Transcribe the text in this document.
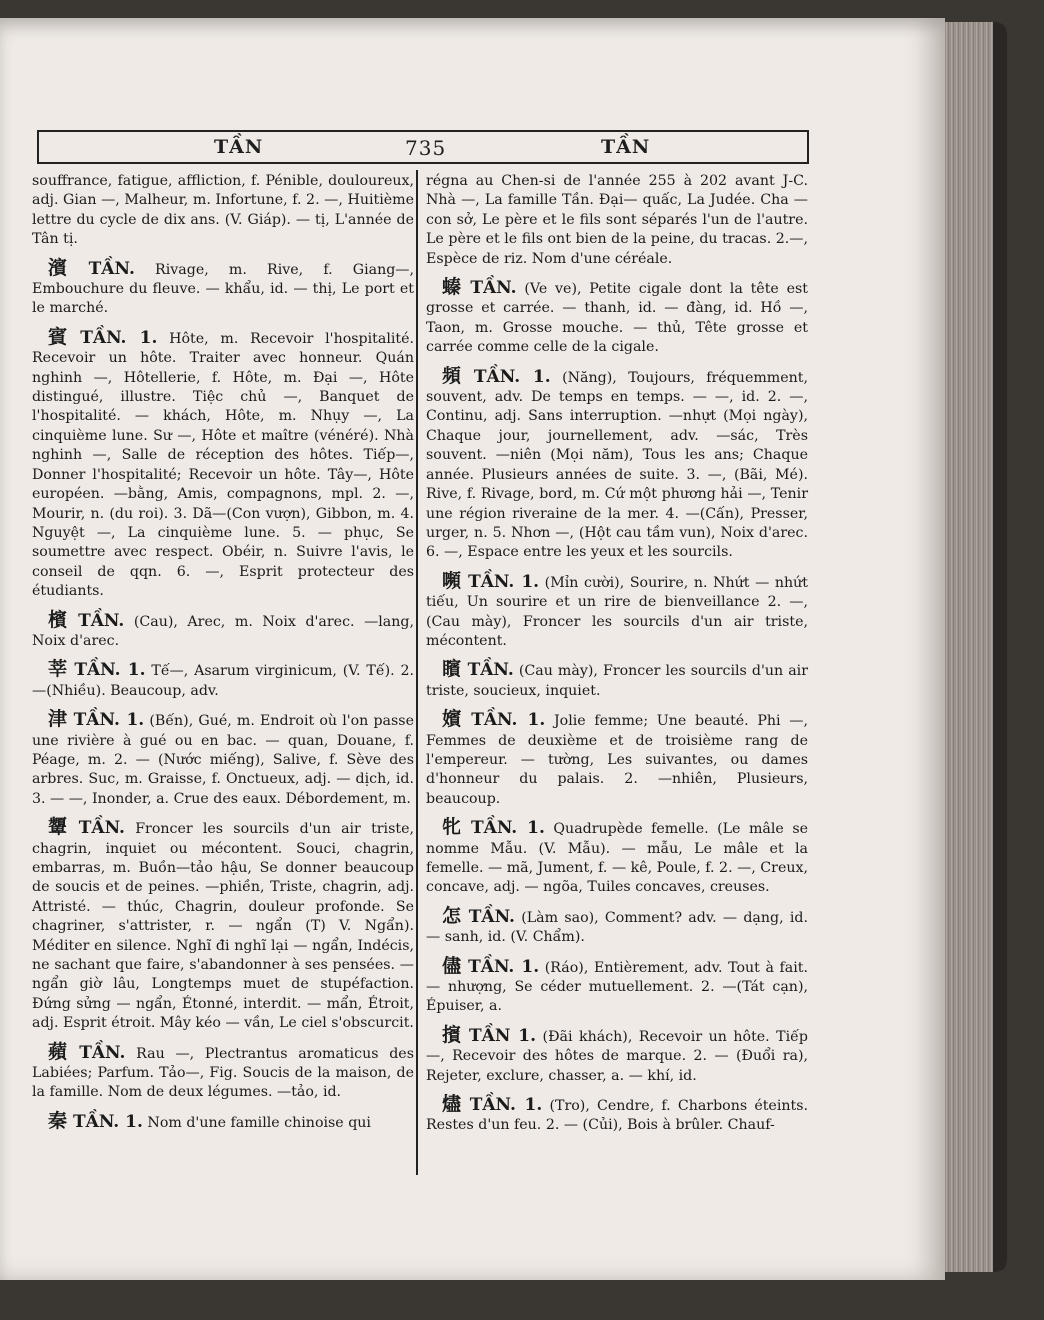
TẦN	735	TẦN

souffrance, fatigue, affliction, f. Pénible, douloureux, adj. Gian —, Malheur, m. Infortune, f. 2. —, Huitième lettre du cycle de dix ans. (V. Giáp). — tị, L'année de Tân tị.

濱 TẦN. Rivage, m. Rive, f. Giang—, Embouchure du fleuve. — khẩu, id. — thị, Le port et le marché.

賓 TẦN. 1. Hôte, m. Recevoir l'hospitalité. Recevoir un hôte. Traiter avec honneur. Quán nghinh —, Hôtellerie, f. Hôte, m. Đại —, Hôte distingué, illustre. Tiệc chủ —, Banquet de l'hospitalité. — khách, Hôte, m. Nhụy —, La cinquième lune. Sư —, Hôte et maître (vénéré). Nhà nghinh —, Salle de réception des hôtes. Tiếp—, Donner l'hospitalité; Recevoir un hôte. Tây—, Hôte européen. —bằng, Amis, compagnons, mpl. 2. —, Mourir, n. (du roi). 3. Dã—(Con vượn), Gibbon, m. 4. Nguyệt —, La cinquième lune. 5. — phục, Se soumettre avec respect. Obéir, n. Suivre l'avis, le conseil de qqn. 6. —, Esprit protecteur des étudiants.

檳 TẦN. (Cau), Arec, m. Noix d'arec. —lang, Noix d'arec.

莘 TẦN. 1. Tế—, Asarum virginicum, (V. Tế). 2. —(Nhiều). Beaucoup, adv.

津 TẦN. 1. (Bến), Gué, m. Endroit où l'on passe une rivière à gué ou en bac. — quan, Douane, f. Péage, m. 2. — (Nước miếng), Salive, f. Sève des arbres. Suc, m. Graisse, f. Onctueux, adj. — dịch, id. 3. — —, Inonder, a. Crue des eaux. Débordement, m.

顰 TẦN. Froncer les sourcils d'un air triste, chagrin, inquiet ou mécontent. Souci, chagrin, embarras, m. Buồn—tảo hậu, Se donner beaucoup de soucis et de peines. —phiền, Triste, chagrin, adj. Attristé. — thúc, Chagrin, douleur profonde. Se chagriner, s'attrister, r. — ngẩn (T) V. Ngẩn). Méditer en silence. Nghĩ đi nghĩ lại — ngẩn, Indécis, ne sachant que faire, s'abandonner à ses pensées. — ngẩn giờ lâu, Longtemps muet de stupéfaction. Đứng sửng — ngẩn, Étonné, interdit. — mẩn, Étroit, adj. Esprit étroit. Mây kéo — vần, Le ciel s'obscurcit.

蘋 TẦN. Rau —, Plectrantus aromaticus des Labiées; Parfum. Tảo—, Fig. Soucis de la maison, de la famille. Nom de deux légumes. —tảo, id.

秦 TẦN. 1. Nom d'une famille chinoise qui

régna au Chen-si de l'année 255 à 202 avant J-C. Nhà —, La famille Tần. Đại— quấc, La Judée. Cha —con sở, Le père et le fils sont séparés l'un de l'autre. Le père et le fils ont bien de la peine, du tracas. 2.—, Espèce de riz. Nom d'une céréale.

螓 TẦN. (Ve ve), Petite cigale dont la tête est grosse et carrée. — thanh, id. — đàng, id. Hồ —, Taon, m. Grosse mouche. — thủ, Tête grosse et carrée comme celle de la cigale.

頻 TẦN. 1. (Năng), Toujours, fréquemment, souvent, adv. De temps en temps. — —, id. 2. —, Continu, adj. Sans interruption. —nhựt (Mọi ngày), Chaque jour, journellement, adv. —sác, Très souvent. —niên (Mọi năm), Tous les ans; Chaque année. Plusieurs années de suite. 3. —, (Bãi, Mé). Rive, f. Rivage, bord, m. Cứ một phương hải —, Tenir une région riveraine de la mer. 4. —(Cấn), Presser, urger, n. 5. Nhơn —, (Hột cau tầm vun), Noix d'arec. 6. —, Espace entre les yeux et les sourcils.

嚬 TẦN. 1. (Mỉn cười), Sourire, n. Nhứt — nhứt tiếu, Un sourire et un rire de bienveillance 2. —, (Cau mày), Froncer les sourcils d'un air triste, mécontent.

矉 TẦN. (Cau mày), Froncer les sourcils d'un air triste, soucieux, inquiet.

嬪 TẦN. 1. Jolie femme; Une beauté. Phi —, Femmes de deuxième et de troisième rang de l'empereur. — tường, Les suivantes, ou dames d'honneur du palais. 2. —nhiên, Plusieurs, beaucoup.

牝 TẦN. 1. Quadrupède femelle. (Le mâle se nomme Mẫu. (V. Mẫu). — mẫu, Le mâle et la femelle. — mã, Jument, f. — kê, Poule, f. 2. —, Creux, concave, adj. — ngõa, Tuiles concaves, creuses.

怎 TẦN. (Làm sao), Comment? adv. — dạng, id. — sanh, id. (V. Chẩm).

儘 TẦN. 1. (Ráo), Entièrement, adv. Tout à fait. — nhượng, Se céder mutuellement. 2. —(Tát cạn), Épuiser, a.

擯 TẦN 1. (Đãi khách), Recevoir un hôte. Tiếp—, Recevoir des hôtes de marque. 2. — (Đuổi ra), Rejeter, exclure, chasser, a. — khí, id.

燼 TẦN. 1. (Tro), Cendre, f. Charbons éteints. Restes d'un feu. 2. — (Củi), Bois à brûler. Chauf-
